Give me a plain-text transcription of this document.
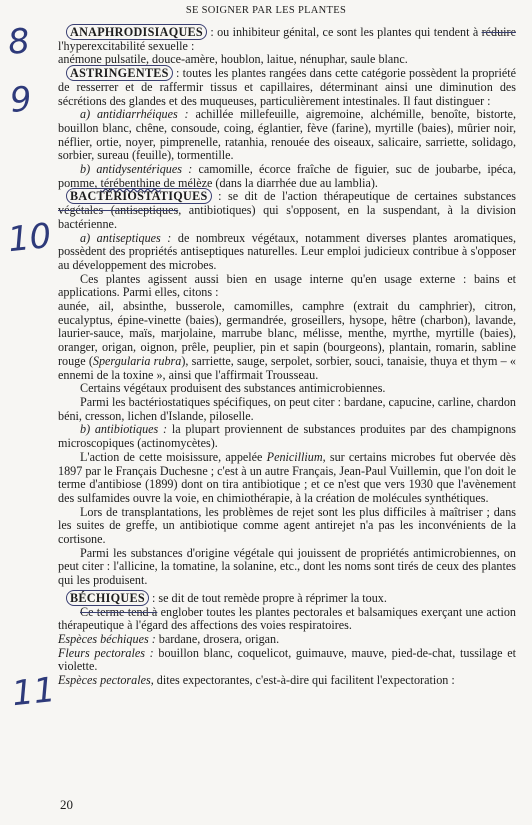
SE SOIGNER PAR LES PLANTES
8
9
10
11

ANAPHRODISIAQUES : ou inhibiteur génital, ce sont les plantes qui tendent à réduire l'hyperexcitabilité sexuelle :
anémone pulsatile, douce-amère, houblon, laitue, nénuphar, saule blanc.

ASTRINGENTES : toutes les plantes rangées dans cette catégorie possèdent la propriété de resserrer et de raffermir tissus et capillaires, déterminant ainsi une diminution des sécrétions des glandes et des muqueuses, particulièrement intestinales. Il faut distinguer :

a) antidiarrhéiques : achillée millefeuille, aigremoine, alchémille, benoîte, bistorte, bouillon blanc, chêne, consoude, coing, églantier, fève (farine), myrtille (baies), mûrier noir, néflier, ortie, noyer, pimprenelle, ratanhia, renouée des oiseaux, salicaire, sarriette, solidago, sorbier, sureau (feuille), tormentille.

b) antidysentériques : camomille, écorce fraîche de figuier, suc de joubarbe, ipéca, pomme, térébenthine de mélèze (dans la diarrhée due au lamblia).

BACTÉRIOSTATIQUES : se dit de l'action thérapeutique de certaines substances végétales (antiseptiques, antibiotiques) qui s'opposent, en la suspendant, à la division bactérienne.

a) antiseptiques : de nombreux végétaux, notamment diverses plantes aromatiques, possèdent des propriétés antiseptiques naturelles. Leur emploi judicieux contribue à s'opposer au développement des microbes.

Ces plantes agissent aussi bien en usage interne qu'en usage externe : bains et applications. Parmi elles, citons :

aunée, ail, absinthe, busserole, camomilles, camphre (extrait du camphrier), citron, eucalyptus, épine-vinette (baies), germandrée, groseillers, hysope, hêtre (charbon), lavande, laurier-sauce, maïs, marjolaine, marrube blanc, mélisse, menthe, myrthe, myrtille (baies), oranger, origan, oignon, prêle, peuplier, pin et sapin (bourgeons), plantain, romarin, sabline rouge (Spergularia rubra), sarriette, sauge, serpolet, sorbier, souci, tanaisie, thuya et thym – « ennemi de la toxine », ainsi que l'affirmait Trousseau.

Certains végétaux produisent des substances antimicrobiennes.

Parmi les bactériostatiques spécifiques, on peut citer : bardane, capucine, carline, chardon béni, cresson, lichen d'Islande, piloselle.

b) antibiotiques : la plupart proviennent de substances produites par des champignons microscopiques (actinomycètes).

L'action de cette moisissure, appelée Penicillium, sur certains microbes fut obervée dès 1897 par le Français Duchesne ; c'est à un autre Français, Jean-Paul Vuillemin, que l'on doit le terme d'antibiose (1899) dont on tira antibiotique ; et ce n'est que vers 1930 que l'avènement des sulfamides ouvre la voie, en chimiothérapie, à la création de molécules synthétiques.

Lors de transplantations, les problèmes de rejet sont les plus difficiles à maîtriser ; dans les suites de greffe, un antibiotique comme agent antirejet n'a pas les inconvénients de la cortisone.

Parmi les substances d'origine végétale qui jouissent de propriétés antimicrobiennes, on peut citer : l'allicine, la tomatine, la solanine, etc., dont les noms sont tirés de ceux des plantes qui les produisent.

BÉCHIQUES : se dit de tout remède propre à réprimer la toux.

Ce terme tend à englober toutes les plantes pectorales et balsamiques exerçant une action thérapeutique à l'égard des affections des voies respiratoires.

Espèces béchiques : bardane, drosera, origan.

Fleurs pectorales : bouillon blanc, coquelicot, guimauve, mauve, pied-de-chat, tussilage et violette.

Espèces pectorales, dites expectorantes, c'est-à-dire qui facilitent l'expectoration :

20
